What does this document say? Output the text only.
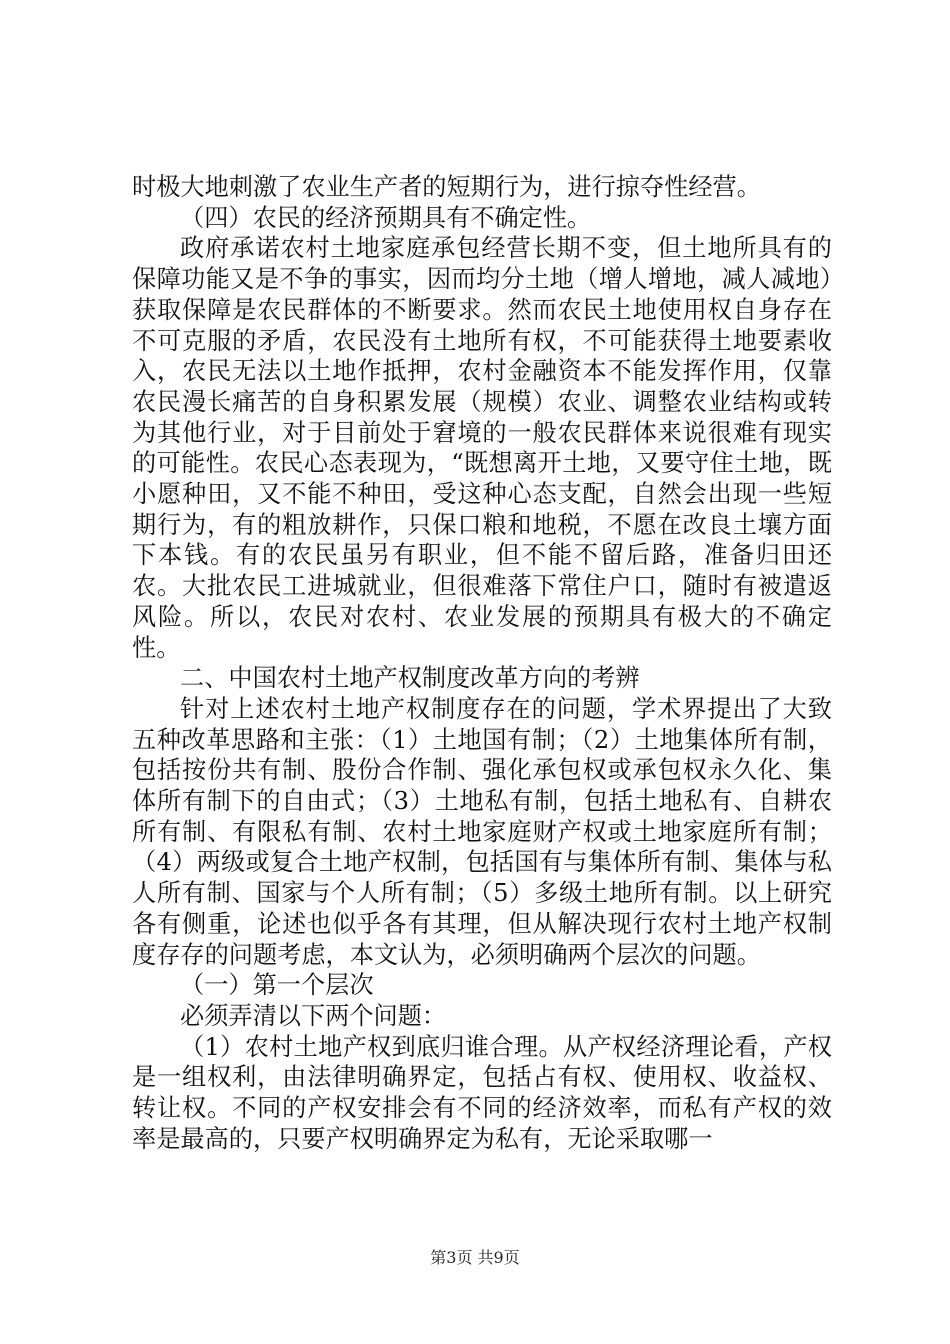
时极大地刺激了农业生产者的短期行为，进行掠夺性经营。

（四）农民的经济预期具有不确定性。

政府承诺农村土地家庭承包经营长期不变，但土地所具有的保障功能又是不争的事实，因而均分土地（增人增地，减人减地）获取保障是农民群体的不断要求。然而农民土地使用权自身存在不可克服的矛盾，农民没有土地所有权，不可能获得土地要素收入，农民无法以土地作抵押，农村金融资本不能发挥作用，仅靠农民漫长痛苦的自身积累发展（规模）农业、调整农业结构或转为其他行业，对于目前处于窘境的一般农民群体来说很难有现实的可能性。农民心态表现为，“既想离开土地，又要守住土地，既小愿种田，又不能不种田，受这种心态支配，自然会出现一些短期行为，有的粗放耕作，只保口粮和地税，不愿在改良土壤方面下本钱。有的农民虽另有职业，但不能不留后路，准备归田还农。大批农民工进城就业，但很难落下常住户口，随时有被遣返风险。所以，农民对农村、农业发展的预期具有极大的不确定性。

二、中国农村土地产权制度改革方向的考辨

针对上述农村土地产权制度存在的问题，学术界提出了大致五种改革思路和主张：（1）土地国有制；（2）土地集体所有制，包括按份共有制、股份合作制、强化承包权或承包权永久化、集体所有制下的自由式；（3）土地私有制，包括土地私有、自耕农所有制、有限私有制、农村土地家庭财产权或土地家庭所有制；（4）两级或复合土地产权制，包括国有与集体所有制、集体与私人所有制、国家与个人所有制；（5）多级土地所有制。以上研究各有侧重，论述也似乎各有其理，但从解决现行农村土地产权制度存存的问题考虑，本文认为，必须明确两个层次的问题。

（一）第一个层次

必须弄清以下两个问题：

（1）农村土地产权到底归谁合理。从产权经济理论看，产权是一组权利，由法律明确界定，包括占有权、使用权、收益权、转让权。不同的产权安排会有不同的经济效率，而私有产权的效率是最高的，只要产权明确界定为私有，无论采取哪一

第3页 共9页
